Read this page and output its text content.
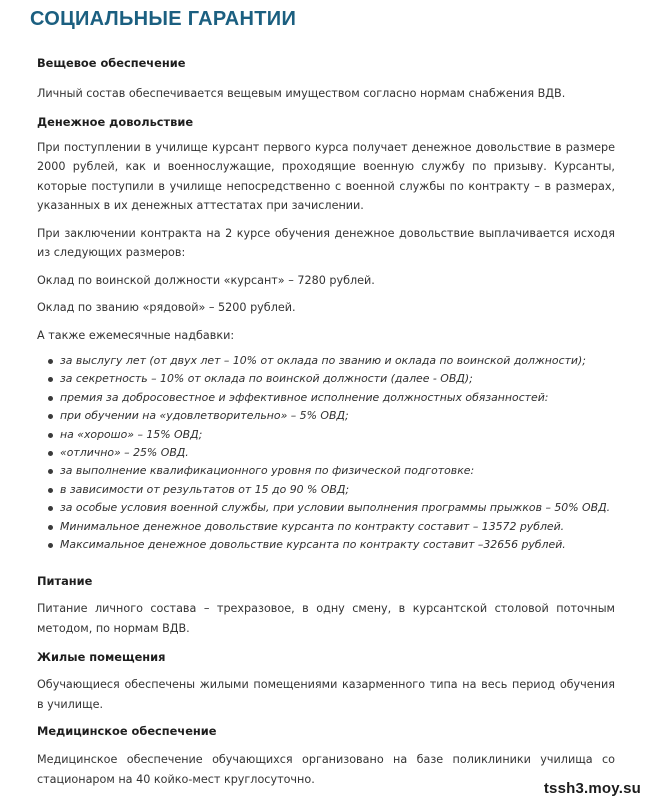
СОЦИАЛЬНЫЕ ГАРАНТИИ

Вещевое обеспечение

Личный состав обеспечивается вещевым имуществом согласно нормам снабжения ВДВ.

Денежное довольствие

При поступлении в училище курсант первого курса получает денежное довольствие в размере 2000 рублей, как и военнослужащие, проходящие военную службу по призыву. Курсанты, которые поступили в училище непосредственно с военной службы по контракту – в размерах, указанных в их денежных аттестатах при зачислении.

При заключении контракта на 2 курсе обучения денежное довольствие выплачивается исходя из следующих размеров:

Оклад по воинской должности «курсант» – 7280 рублей.

Оклад по званию «рядовой» – 5200 рублей.

А также ежемесячные надбавки:

за выслугу лет (от двух лет – 10% от оклада по званию и оклада по воинской должности);
за секретность – 10% от оклада по воинской должности (далее - ОВД);
премия за добросовестное и эффективное исполнение должностных обязанностей:
при обучении на «удовлетворительно» – 5% ОВД;
на «хорошо» – 15% ОВД;
«отлично» – 25% ОВД.
за выполнение квалификационного уровня по физической подготовке:
в зависимости от результатов от 15 до 90 % ОВД;
за особые условия военной службы, при условии выполнения программы прыжков – 50% ОВД.
Минимальное денежное довольствие курсанта по контракту составит – 13572 рублей.
Максимальное денежное довольствие курсанта по контракту составит –32656 рублей.

Питание

Питание личного состава – трехразовое, в одну смену, в курсантской столовой поточным методом, по нормам ВДВ.

Жилые помещения

Обучающиеся обеспечены жилыми помещениями казарменного типа на весь период обучения в училище.

Медицинское обеспечение

Медицинское обеспечение обучающихся организовано на базе поликлиники училища со стационаром на 40 койко-мест круглосуточно.

tssh3.moy.su
